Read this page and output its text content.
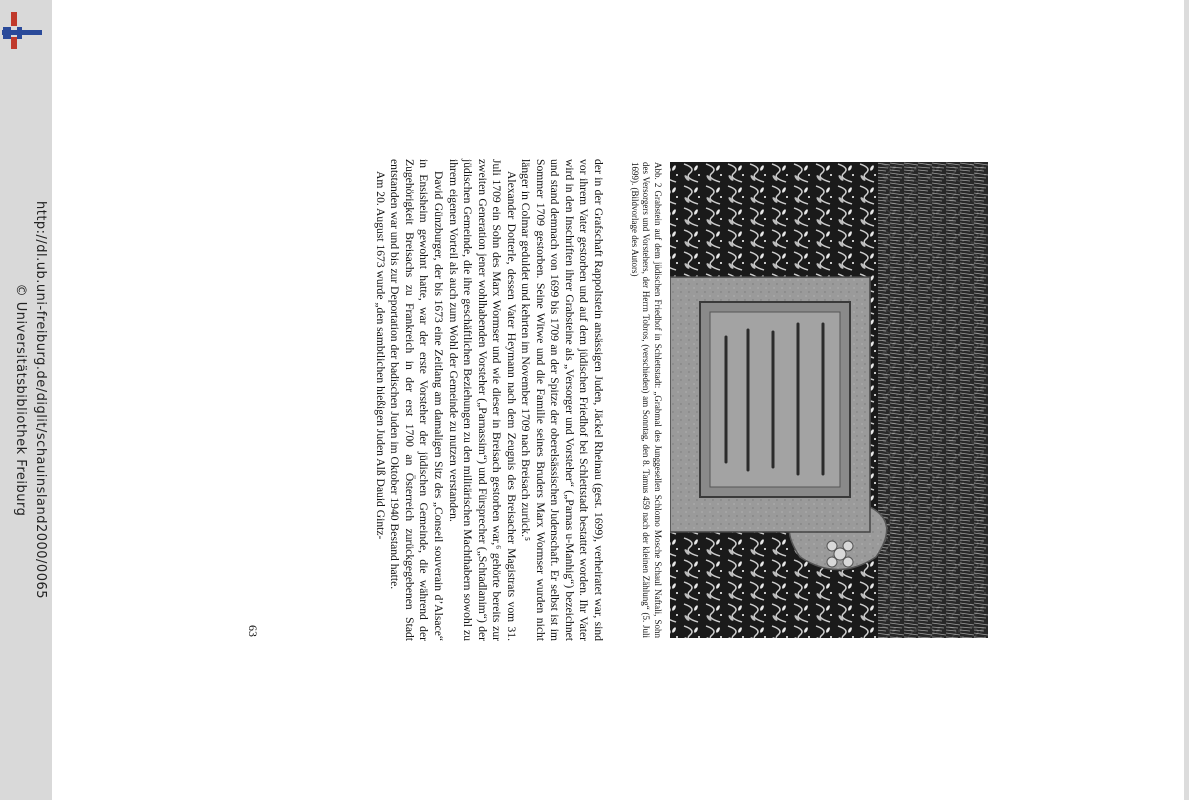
http://dl.ub.uni-freiburg.de/diglit/schauinsland2000/0065
© Universitätsbibliothek Freiburg	Abb. 2 Grabstein auf dem jüdischen Friedhof in Schlettstadt: „Grabmal des Junggesellen Schlomo Mosche Schaul Naftali, Sohn des Versorgers und Vorstehers, der Herrn Tobros, (verschieden) am Sonntag, den 8. Tamus 459 nach der kleinen Zählung“ (5. Juli 1699). (Bildvorlage des Autors)

der in der Grafschaft Rappoltstein ansässigen Juden, Jäckel Rheinau (gest. 1699), verheiratet war, sind vor ihrem Vater gestorben und auf dem jüdischen Friedhof bei Schlettstadt bestattet worden. Ihr Vater wird in den Inschriften ihrer Grabsteine als „Versorger und Vorsteher“ („Parnas u-Manhig“) bezeichnet und stand demnach von 1699 bis 1709 an der Spitze der oberelsässischen Judenschaft. Er selbst ist im Sommer 1709 gestorben. Seine Witwe und die Familie seines Bruders Marx Wormser wurden nicht länger in Colmar geduldet und kehrten im November 1709 nach Breisach zurück.⁵

Alexander Dotterle, dessen Vater Heymann nach dem Zeugnis des Breisacher Magistrats vom 31. Juli 1709 ein Sohn des Marx Wormser und wie dieser in Breisach gestorben war,⁶ gehörte bereits zur zweiten Generation jener wohlhabenden Vorsteher („Parnassim“) und Fürsprecher („Schtadlanim“) der jüdischen Gemeinde, die ihre geschäftlichen Beziehungen zu den militärischen Machthabern sowohl zu ihrem eigenen Vorteil als auch zum Wohl der Gemeinde zu nutzen verstanden.

David Günzburger, der bis 1673 eine Zeitlang am damaligen Sitz des „Conseil souverain d’Alsace“ in Ensisheim gewohnt hatte, war der erste Vorsteher der jüdischen Gemeinde, die während der Zugehörigkeit Breisachs zu Frankreich in der erst 1700 an Österreich zurückgegebenen Stadt entstanden war und bis zur Deportation der badischen Juden im Oktober 1940 Bestand hatte.

Am 20. August 1673 wurde „den sambtlichen hießigen Juden Alß Dauid Gintz-

63
